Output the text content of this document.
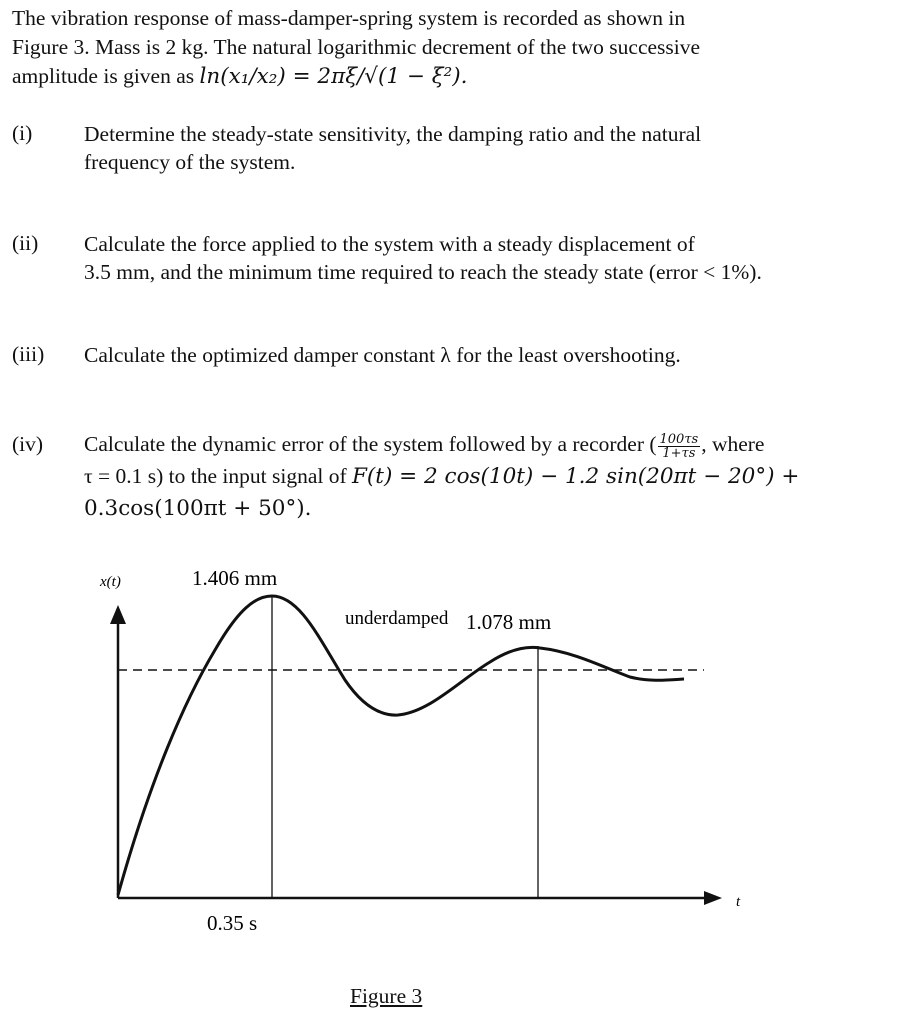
The vibration response of mass-damper-spring system is recorded as shown in
Figure 3. Mass is 2 kg. The natural logarithmic decrement of the two successive
amplitude is given as ln(x₁/x₂) = 2πξ/√(1 − ξ²).
(i) Determine the steady-state sensitivity, the damping ratio and the natural
frequency of the system.
(ii) Calculate the force applied to the system with a steady displacement of
3.5 mm, and the minimum time required to reach the steady state (error < 1%).
(iii) Calculate the optimized damper constant λ for the least overshooting.
(iv) Calculate the dynamic error of the system followed by a recorder ( $\frac{100\tau s}{1+\tau s}$ , where
τ = 0.1 s) to the input signal of F(t) = 2 cos(10t) − 1.2 sin(20πt − 20°) +
0.3cos(100πt + 50°).
x(t)
t
1.406 mm
underdamped 1.078 mm
0.35 s
Figure 3
